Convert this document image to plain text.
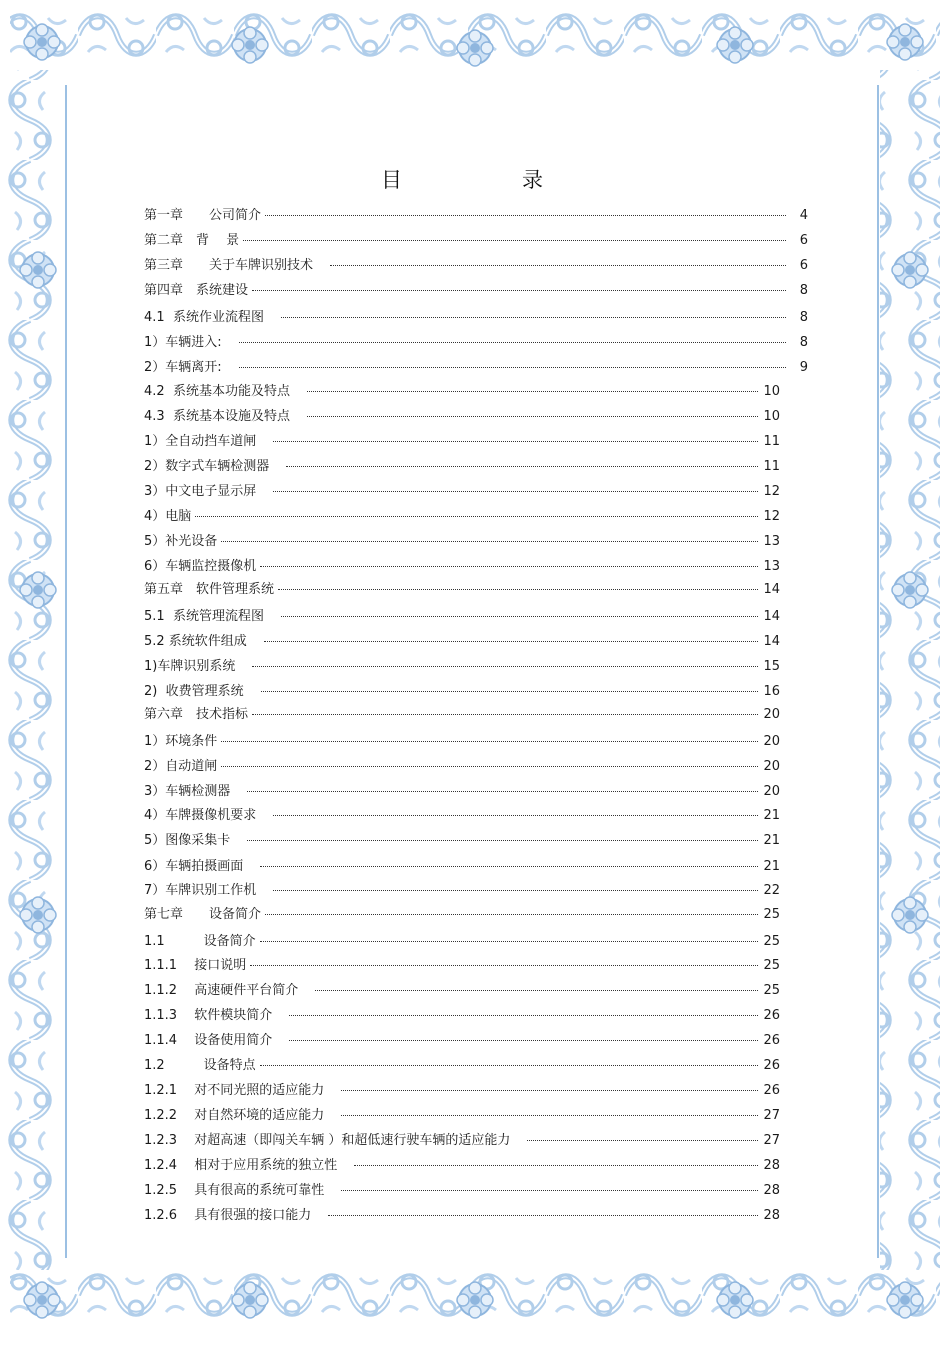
目　　录
第一章　　公司简介	4
第二章　背　 景	6
第三章　　关于车牌识别技术　	6
第四章　系统建设	8
4.1  系统作业流程图　	8
1）车辆进入:　	8
2）车辆离开:　	9
4.2  系统基本功能及特点　	10
4.3  系统基本设施及特点　	10
1）全自动挡车道闸　	11
2）数字式车辆检测器　	11
3）中文电子显示屏　	12
4）电脑	12
5）补光设备	13
6）车辆监控摄像机	13
第五章　软件管理系统	14
5.1  系统管理流程图　	14
5.2 系统软件组成　	14
1)车牌识别系统　	15
2)  收费管理系统　	16
第六章　技术指标	20
1）环境条件	20
2）自动道闸	20
3）车辆检测器　	20
4）车牌摄像机要求　	21
5）图像采集卡　	21
6）车辆拍摄画面　	21
7）车牌识别工作机　	22
第七章　　设备简介	25
1.1　　　设备简介	25
1.1.1　 接口说明	25
1.1.2　 高速硬件平台简介　	25
1.1.3　 软件模块简介　	26
1.1.4　 设备使用简介　	26
1.2　　　设备特点	26
1.2.1　 对不同光照的适应能力　	26
1.2.2　 对自然环境的适应能力　	27
1.2.3　 对超高速（即闯关车辆 ）和超低速行驶车辆的适应能力　	27
1.2.4　 相对于应用系统的独立性　	28
1.2.5　 具有很高的系统可靠性　	28
1.2.6　 具有很强的接口能力　	28
